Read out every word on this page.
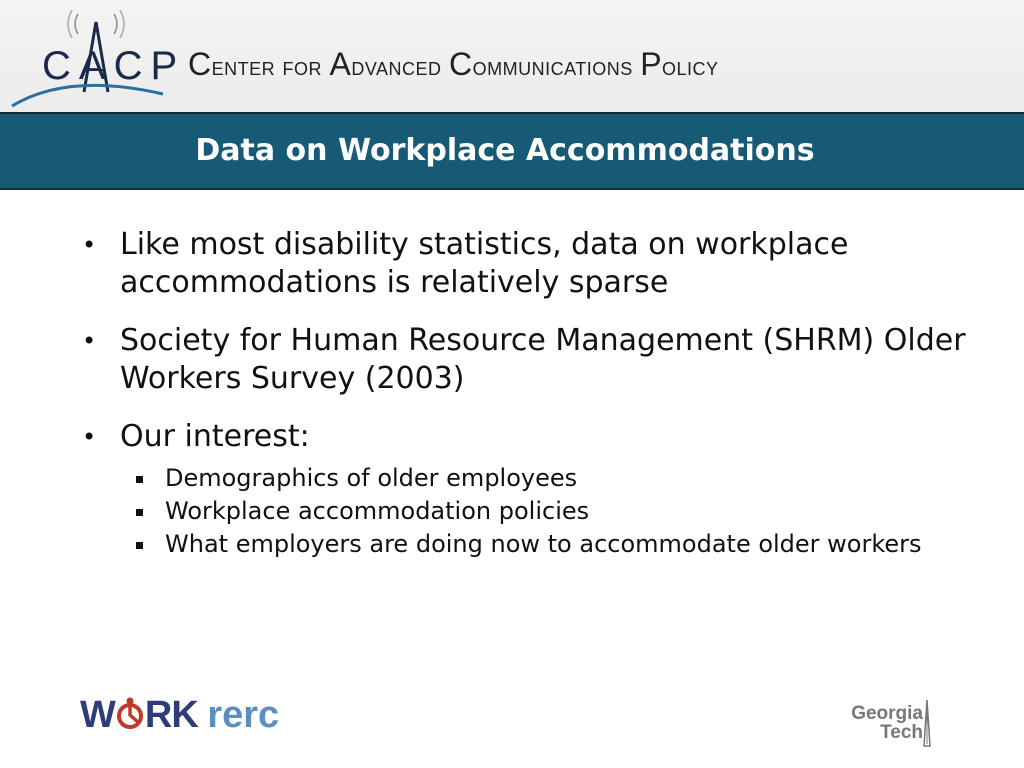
CACP Center for Advanced Communications Policy
Data on Workplace Accommodations
• Like most disability statistics, data on workplace accommodations is relatively sparse
• Society for Human Resource Management (SHRM) Older Workers Survey (2003)
• Our interest:
Demographics of older employees
Workplace accommodation policies
What employers are doing now to accommodate older workers
W RK rerc	Georgia
Tech
